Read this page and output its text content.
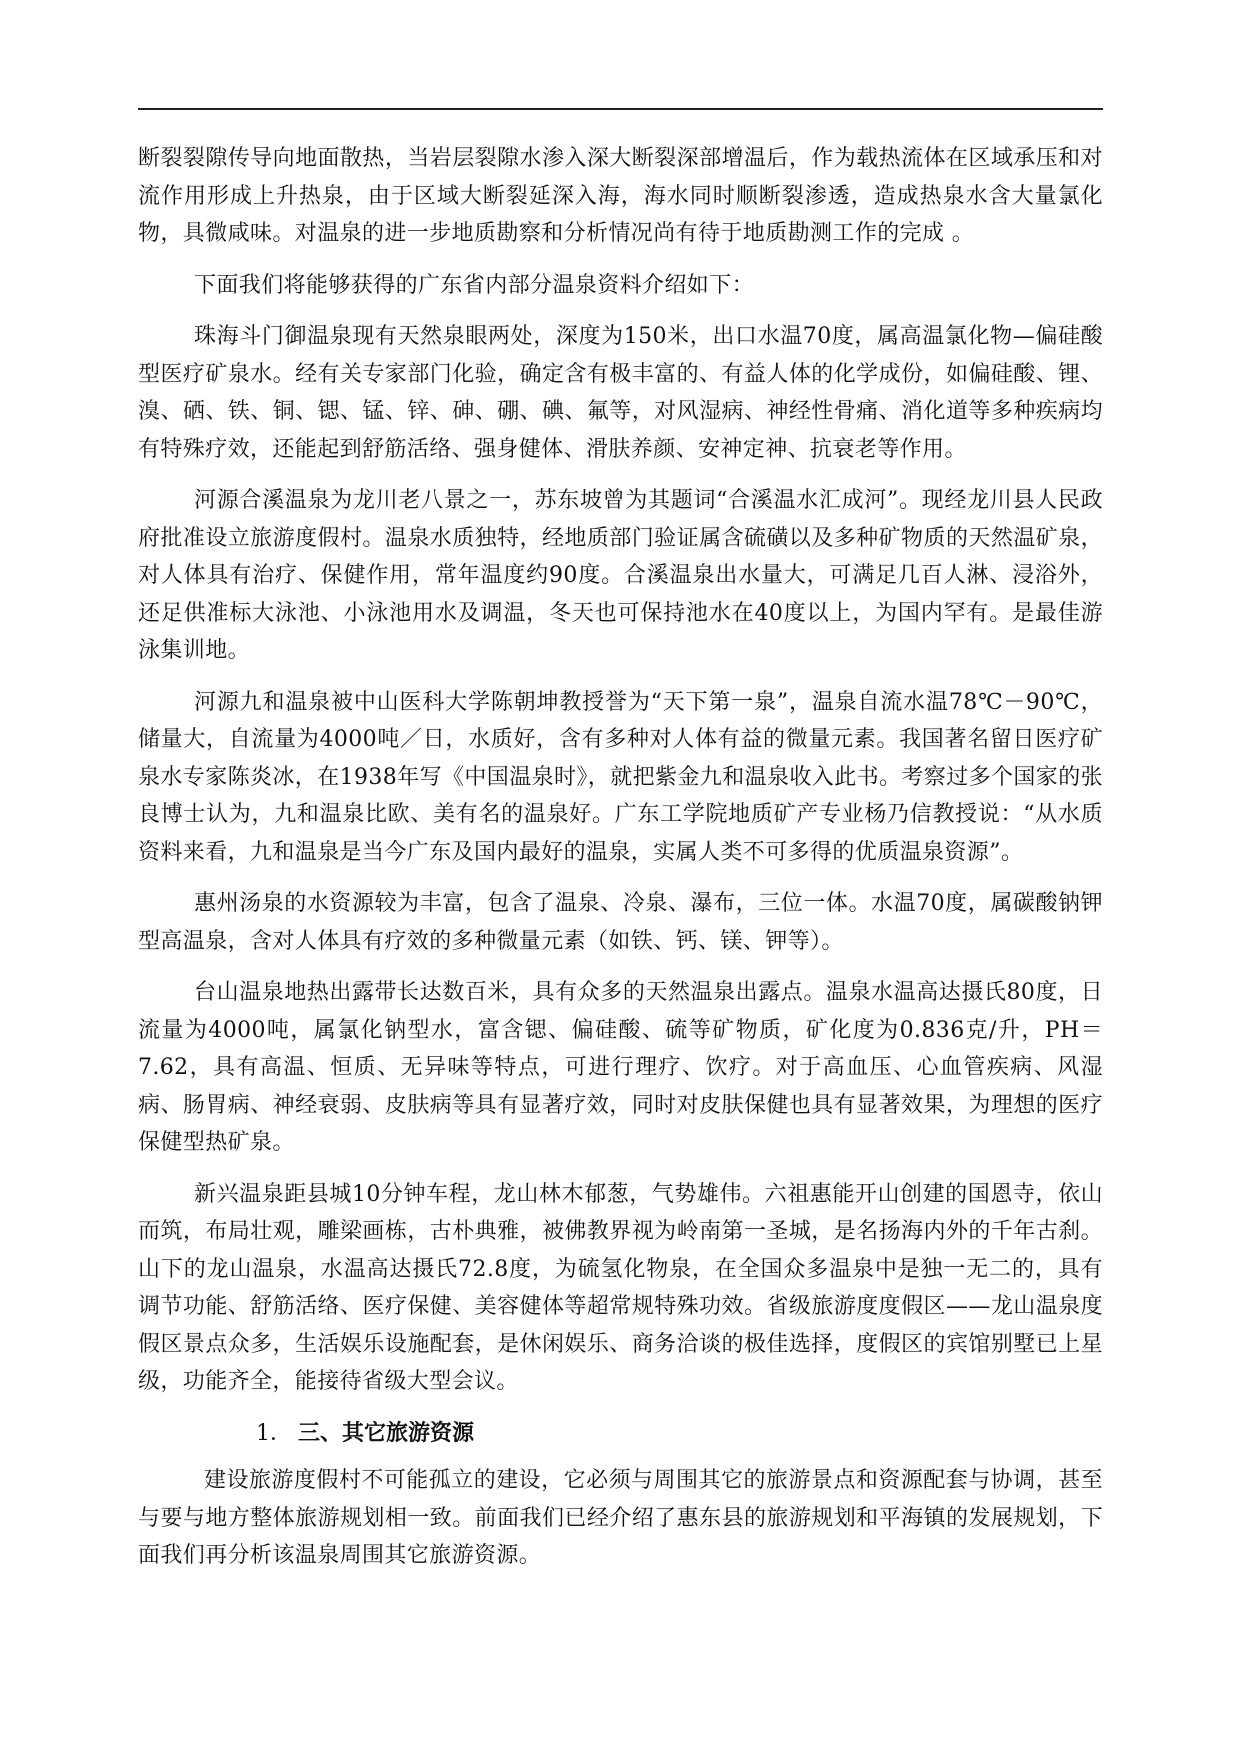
断裂裂隙传导向地面散热，当岩层裂隙水渗入深大断裂深部增温后，作为载热流体在区域承压和对流作用形成上升热泉，由于区域大断裂延深入海，海水同时顺断裂渗透，造成热泉水含大量氯化物，具微咸味。对温泉的进一步地质勘察和分析情况尚有待于地质勘测工作的完成 。

下面我们将能够获得的广东省内部分温泉资料介绍如下：

珠海斗门御温泉现有天然泉眼两处，深度为150米，出口水温70度，属高温氯化物—偏硅酸型医疗矿泉水。经有关专家部门化验，确定含有极丰富的、有益人体的化学成份，如偏硅酸、锂、溴、硒、铁、铜、锶、锰、锌、砷、硼、碘、氟等，对风湿病、神经性骨痛、消化道等多种疾病均有特殊疗效，还能起到舒筋活络、强身健体、滑肤养颜、安神定神、抗衰老等作用。

河源合溪温泉为龙川老八景之一，苏东坡曾为其题词“合溪温水汇成河”。现经龙川县人民政府批准设立旅游度假村。温泉水质独特，经地质部门验证属含硫磺以及多种矿物质的天然温矿泉，对人体具有治疗、保健作用，常年温度约90度。合溪温泉出水量大，可满足几百人淋、浸浴外，还足供准标大泳池、小泳池用水及调温，冬天也可保持池水在40度以上，为国内罕有。是最佳游泳集训地。

河源九和温泉被中山医科大学陈朝坤教授誉为“天下第一泉”，温泉自流水温78℃－90℃，储量大，自流量为4000吨／日，水质好，含有多种对人体有益的微量元素。我国著名留日医疗矿泉水专家陈炎冰，在1938年写《中国温泉时》，就把紫金九和温泉收入此书。考察过多个国家的张良博士认为，九和温泉比欧、美有名的温泉好。广东工学院地质矿产专业杨乃信教授说：“从水质资料来看，九和温泉是当今广东及国内最好的温泉，实属人类不可多得的优质温泉资源”。

惠州汤泉的水资源较为丰富，包含了温泉、冷泉、瀑布，三位一体。水温70度，属碳酸钠钾型高温泉，含对人体具有疗效的多种微量元素（如铁、钙、镁、钾等）。

台山温泉地热出露带长达数百米，具有众多的天然温泉出露点。温泉水温高达摄氏80度，日流量为4000吨，属氯化钠型水，富含锶、偏硅酸、硫等矿物质，矿化度为0.836克/升，PH＝7.62，具有高温、恒质、无异味等特点，可进行理疗、饮疗。对于高血压、心血管疾病、风湿病、肠胃病、神经衰弱、皮肤病等具有显著疗效，同时对皮肤保健也具有显著效果，为理想的医疗保健型热矿泉。

新兴温泉距县城10分钟车程，龙山林木郁葱，气势雄伟。六祖惠能开山创建的国恩寺，依山而筑，布局壮观，雕梁画栋，古朴典雅，被佛教界视为岭南第一圣城，是名扬海内外的千年古刹。山下的龙山温泉，水温高达摄氏72.8度，为硫氢化物泉，在全国众多温泉中是独一无二的，具有调节功能、舒筋活络、医疗保健、美容健体等超常规特殊功效。省级旅游度度假区——龙山温泉度假区景点众多，生活娱乐设施配套，是休闲娱乐、商务洽谈的极佳选择，度假区的宾馆别墅已上星级，功能齐全，能接待省级大型会议。

1． 三、其它旅游资源

建设旅游度假村不可能孤立的建设，它必须与周围其它的旅游景点和资源配套与协调，甚至与要与地方整体旅游规划相一致。前面我们已经介绍了惠东县的旅游规划和平海镇的发展规划，下面我们再分析该温泉周围其它旅游资源。
